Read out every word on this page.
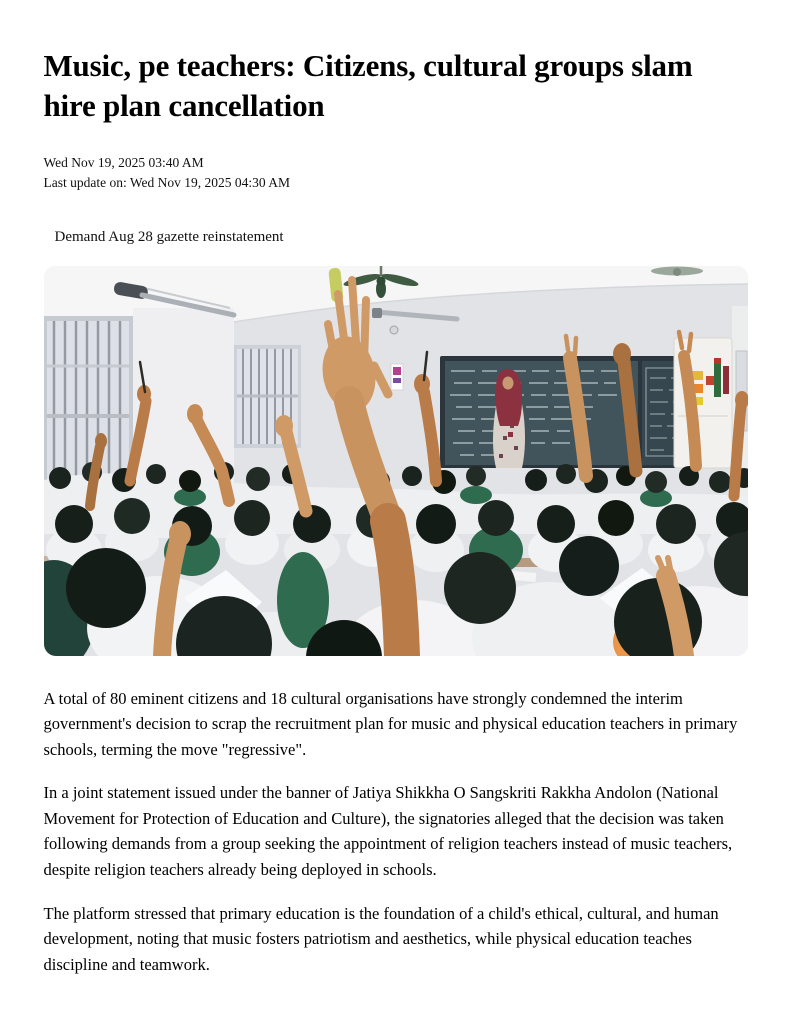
Music, pe teachers: Citizens, cultural groups slam hire plan cancellation
Wed Nov 19, 2025 03:40 AM
Last update on: Wed Nov 19, 2025 04:30 AM
Demand Aug 28 gazette reinstatement

A total of 80 eminent citizens and 18 cultural organisations have strongly condemned the interim government's decision to scrap the recruitment plan for music and physical education teachers in primary schools, terming the move "regressive".

In a joint statement issued under the banner of Jatiya Shikkha O Sangskriti Rakkha Andolon (National Movement for Protection of Education and Culture), the signatories alleged that the decision was taken following demands from a group seeking the appointment of religion teachers instead of music teachers, despite religion teachers already being deployed in schools.

The platform stressed that primary education is the foundation of a child's ethical, cultural, and human development, noting that music fosters patriotism and aesthetics, while physical education teaches discipline and teamwork.
